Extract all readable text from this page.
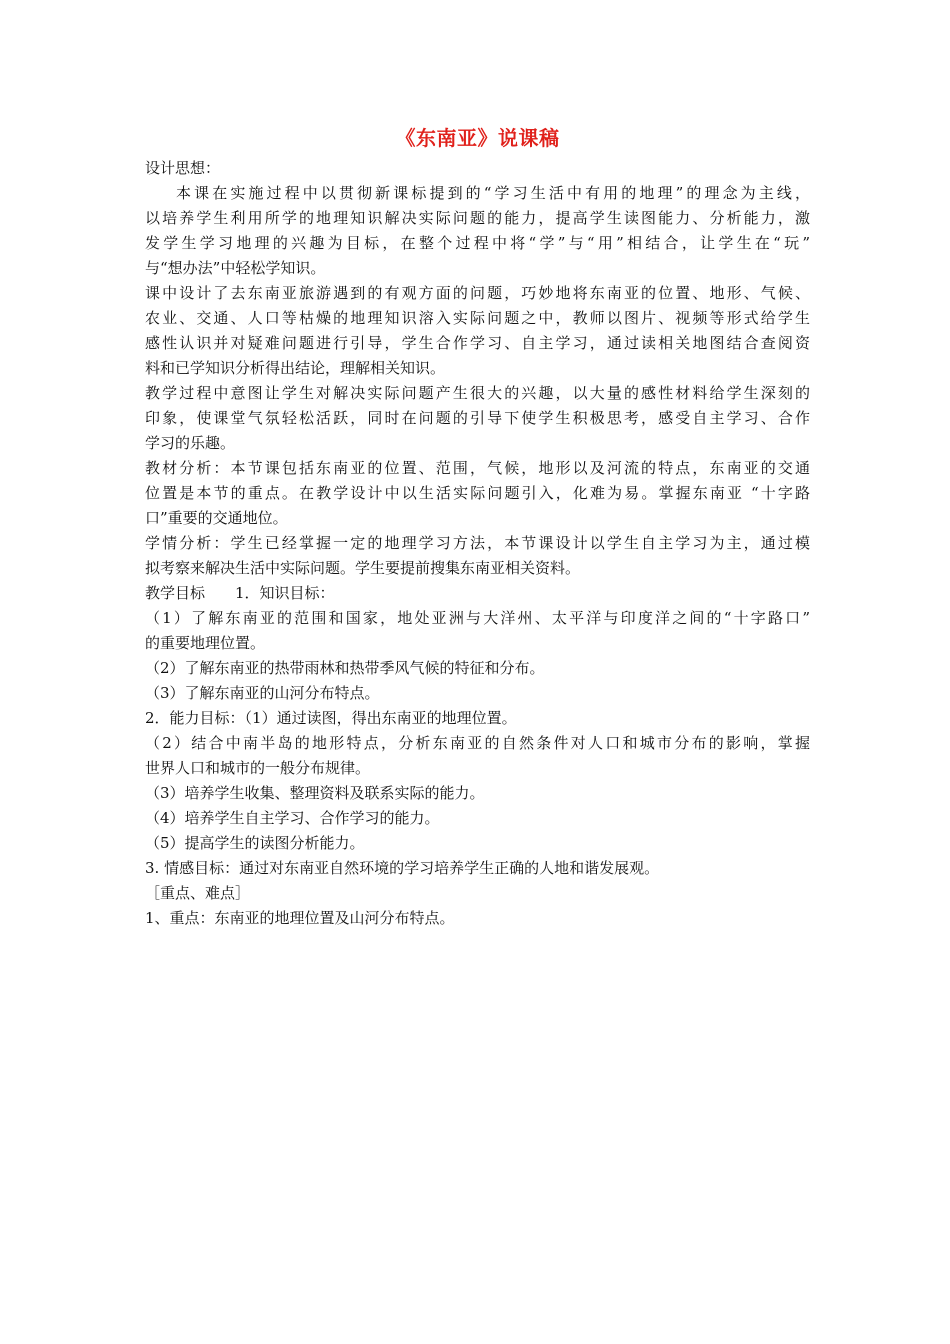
《东南亚》说课稿

设计思想：

本课在实施过程中以贯彻新课标提到的“学习生活中有用的地理”的理念为主线，

以培养学生利用所学的地理知识解决实际问题的能力，提高学生读图能力、分析能力，激

发学生学习地理的兴趣为目标，在整个过程中将“学”与“用”相结合，让学生在“玩”

与“想办法”中轻松学知识。

课中设计了去东南亚旅游遇到的有观方面的问题，巧妙地将东南亚的位置、地形、气候、

农业、交通、人口等枯燥的地理知识溶入实际问题之中，教师以图片、视频等形式给学生

感性认识并对疑难问题进行引导，学生合作学习、自主学习，通过读相关地图结合查阅资

料和已学知识分析得出结论，理解相关知识。

教学过程中意图让学生对解决实际问题产生很大的兴趣，以大量的感性材料给学生深刻的

印象，使课堂气氛轻松活跃，同时在问题的引导下使学生积极思考，感受自主学习、合作

学习的乐趣。

教材分析：本节课包括东南亚的位置、范围，气候，地形以及河流的特点，东南亚的交通

位置是本节的重点。在教学设计中以生活实际问题引入，化难为易。掌握东南亚 “十字路

口”重要的交通地位。

学情分析：学生已经掌握一定的地理学习方法，本节课设计以学生自主学习为主，通过模

拟考察来解决生活中实际问题。学生要提前搜集东南亚相关资料。

教学目标　　1．知识目标：

（1）了解东南亚的范围和国家，地处亚洲与大洋州、太平洋与印度洋之间的“十字路口”

的重要地理位置。

（2）了解东南亚的热带雨林和热带季风气候的特征和分布。

（3）了解东南亚的山河分布特点。

2．能力目标：（1）通过读图，得出东南亚的地理位置。

（2）结合中南半岛的地形特点，分析东南亚的自然条件对人口和城市分布的影响，掌握

世界人口和城市的一般分布规律。

（3）培养学生收集、整理资料及联系实际的能力。

（4）培养学生自主学习、合作学习的能力。

（5）提高学生的读图分析能力。

3. 情感目标：通过对东南亚自然环境的学习培养学生正确的人地和谐发展观。

［重点、难点］

1、重点：东南亚的地理位置及山河分布特点。
